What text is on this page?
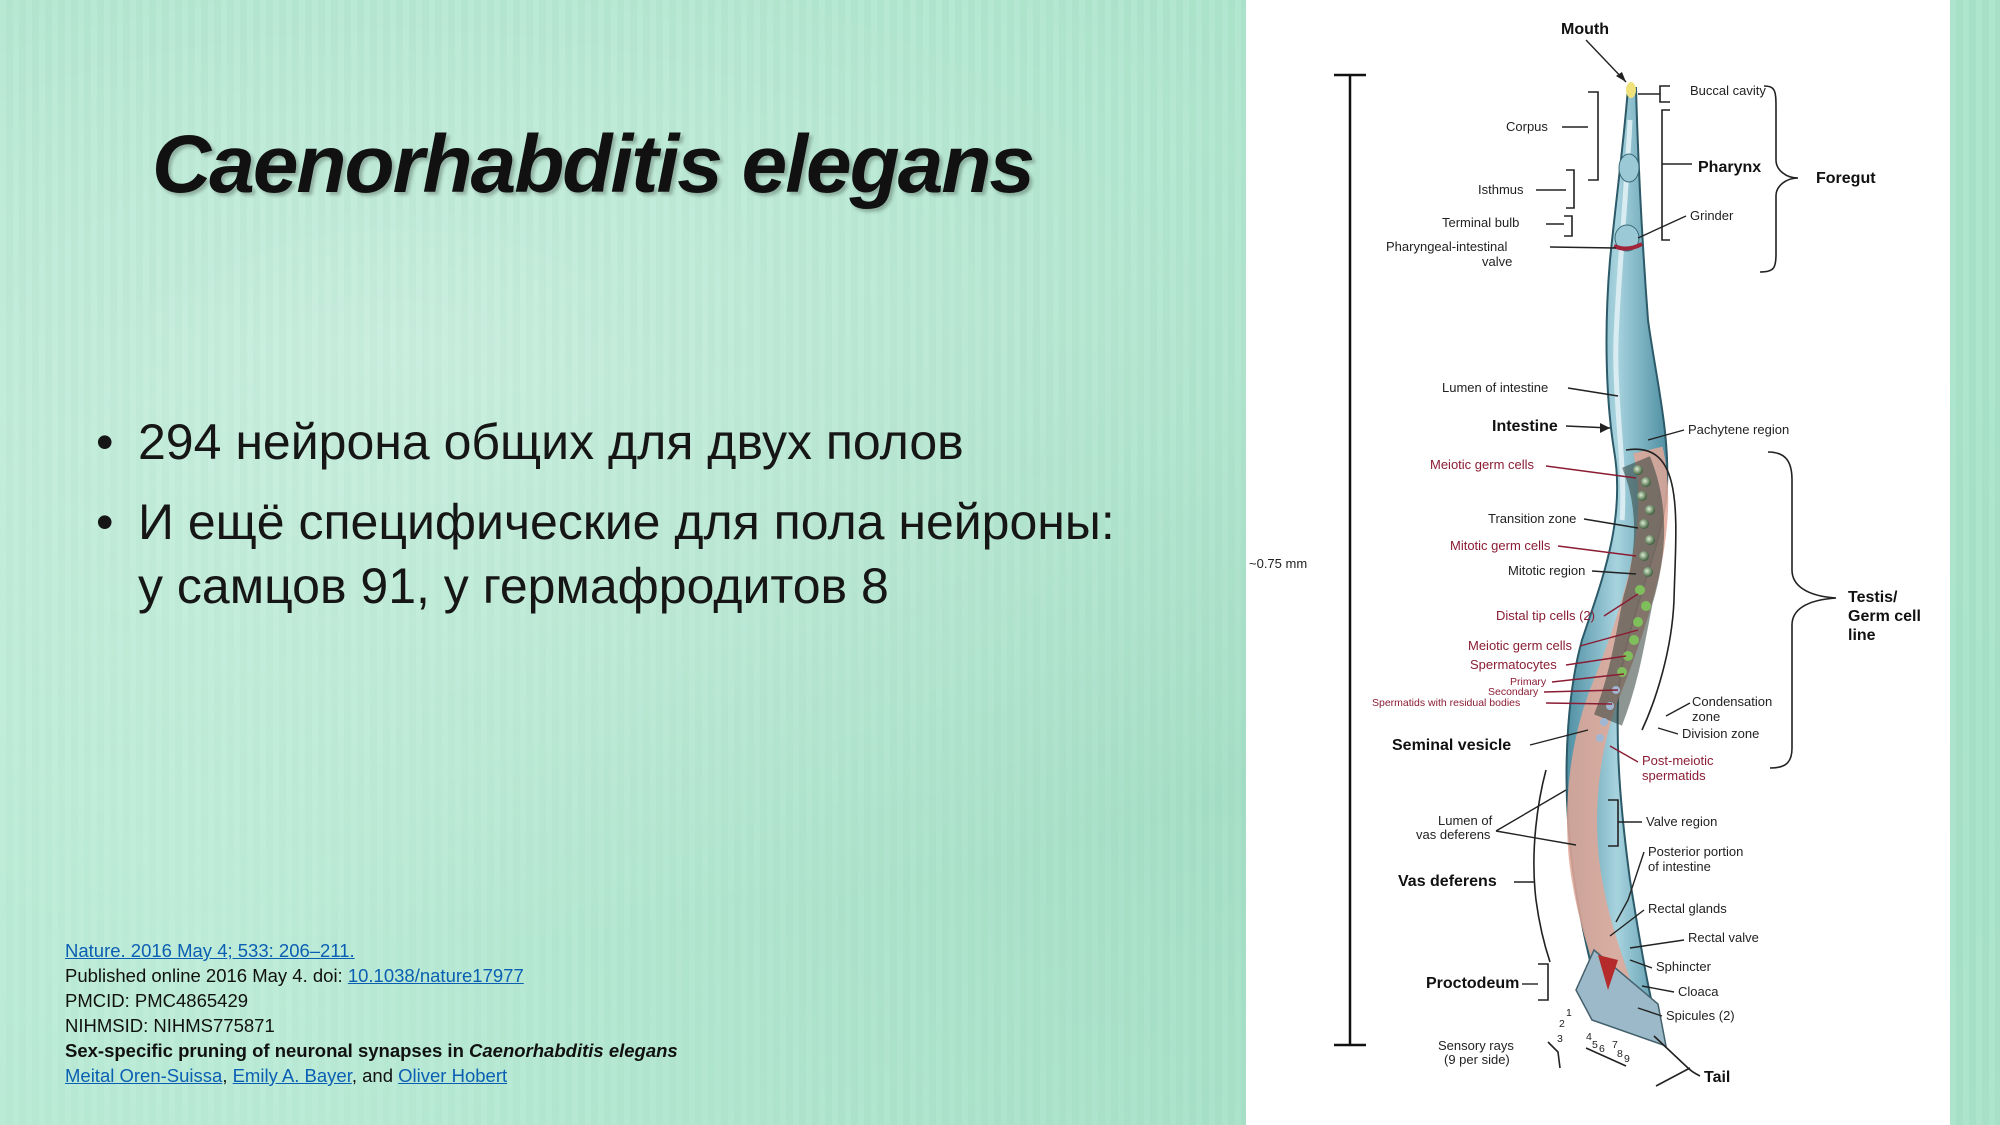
Caenorhabditis elegans
• 294 нейрона общих для двух полов
• И ещё специфические для пола нейроны:
у самцов 91, у гермафродитов 8
Nature. 2016 May 4; 533: 206–211.
Published online 2016 May 4. doi: 10.1038/nature17977
PMCID: PMC4865429
NIHMSID: NIHMS775871
Sex-specific pruning of neuronal synapses in Caenorhabditis elegans
Meital Oren-Suissa, Emily A. Bayer, and Oliver Hobert
~0.75 mm
Mouth
Buccal cavity
Pharynx
Grinder
Foregut
Corpus
Isthmus
Terminal bulb
Pharyngeal-intestinal
valve
Lumen of intestine
Intestine	Pachytene region
Meiotic germ cells
Transition zone
Mitotic germ cells
Mitotic region
Distal tip cells (2)
Meiotic germ cells
Spermatocytes
Primary
Secondary
Spermatids with residual bodies
Seminal vesicle
Testis/
Germ cell
line
Condensation
zone
Division zone
Post-meiotic
spermatids
Lumen of
vas deferens
Valve region
Posterior portion
of intestine
Vas deferens
Rectal glands
Rectal valve
Proctodeum
Sphincter
Cloaca
Spicules (2)
1
2
3 4
5 6 7
8 9
Sensory rays
(9 per side)
Tail
